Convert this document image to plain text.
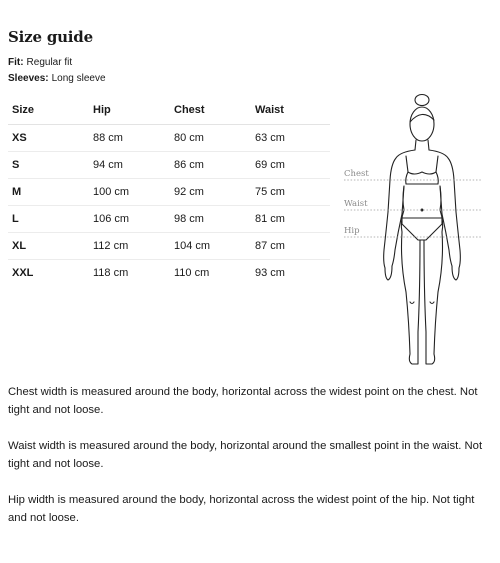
Size guide
Fit: Regular fit
Sleeves: Long sleeve
Size	Hip	Chest	Waist
XS	88 cm	80 cm	63 cm
S	94 cm	86 cm	69 cm
M	100 cm	92 cm	75 cm
L	106 cm	98 cm	81 cm
XL	112 cm	104 cm	87 cm
XXL	118 cm	110 cm	93 cm
Chest
Waist
Hip

Chest width is measured around the body, horizontal across the widest point on the chest. Not tight and not loose.

Waist width is measured around the body, horizontal around the smallest point in the waist. Not tight and not loose.

Hip width is measured around the body, horizontal across the widest point of the hip. Not tight and not loose.
